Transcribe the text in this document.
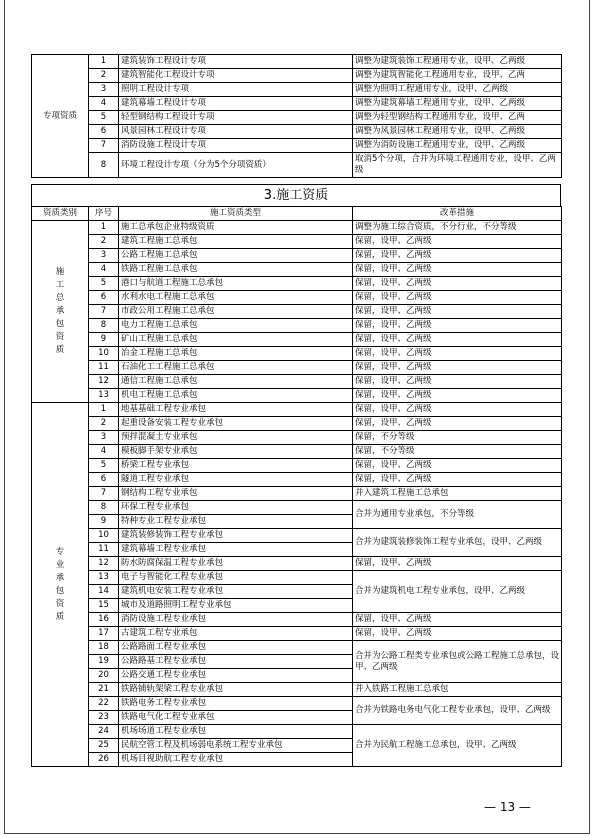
专项资质	1	建筑装饰工程设计专项	调整为建筑装饰工程通用专业，设甲、乙两级
	2	建筑智能化工程设计专项	调整为建筑智能化工程通用专业，设甲、乙两
	3	照明工程设计专项	调整为照明工程通用专业，设甲、乙两级
	4	建筑幕墙工程设计专项	调整为建筑幕墙工程通用专业，设甲、乙两级
	5	轻型钢结构工程设计专项	调整为轻型钢结构工程通用专业，设甲、乙两
	6	风景园林工程设计专项	调整为风景园林工程通用专业，设甲、乙两级
	7	消防设施工程设计专项	调整为消防设施工程通用专业，设甲、乙两级
	8	环境工程设计专项（分为5个分项资质）	取消5个分项，合并为环境工程通用专业，设甲、乙两级
3.施工资质
资质类别	序号	施工资质类型	改革措施
施工总承包资质	1	施工总承包企业特级资质	调整为施工综合资质，不分行业，不分等级
	2	建筑工程施工总承包	保留，设甲、乙两级
	3	公路工程施工总承包	保留，设甲、乙两级
	4	铁路工程施工总承包	保留，设甲、乙两级
	5	港口与航道工程施工总承包	保留，设甲、乙两级
	6	水利水电工程施工总承包	保留，设甲、乙两级
	7	市政公用工程施工总承包	保留，设甲、乙两级
	8	电力工程施工总承包	保留，设甲、乙两级
	9	矿山工程施工总承包	保留，设甲、乙两级
	10	冶金工程施工总承包	保留，设甲、乙两级
	11	石油化工工程施工总承包	保留，设甲、乙两级
	12	通信工程施工总承包	保留，设甲、乙两级
	13	机电工程施工总承包	保留，设甲、乙两级
专业承包资质	1	地基基础工程专业承包	保留，设甲、乙两级
	2	起重设备安装工程专业承包	保留，设甲、乙两级
	3	预拌混凝土专业承包	保留，不分等级
	4	模板脚手架专业承包	保留，不分等级
	5	桥梁工程专业承包	保留，设甲、乙两级
	6	隧道工程专业承包	保留，设甲、乙两级
	7	钢结构工程专业承包	并入建筑工程施工总承包
	8	环保工程专业承包	合并为通用专业承包，不分等级
	9	特种专业工程专业承包	
	10	建筑装修装饰工程专业承包	合并为建筑装修装饰工程专业承包，设甲、乙两级
	11	建筑幕墙工程专业承包	
	12	防水防腐保温工程专业承包	保留，设甲、乙两级
	13	电子与智能化工程专业承包	合并为建筑机电工程专业承包，设甲、乙两级
	14	建筑机电安装工程专业承包	
	15	城市及道路照明工程专业承包	
	16	消防设施工程专业承包	保留，设甲、乙两级
	17	古建筑工程专业承包	保留，设甲、乙两级
	18	公路路面工程专业承包	合并为公路工程类专业承包或公路工程施工总承包，设甲、乙两级
	19	公路路基工程专业承包	
	20	公路交通工程专业承包	
	21	铁路铺轨架梁工程专业承包	并入铁路工程施工总承包
	22	铁路电务工程专业承包	合并为铁路电务电气化工程专业承包，设甲、乙两级
	23	铁路电气化工程专业承包	
	24	机场场道工程专业承包	合并为民航工程施工总承包，设甲、乙两级
	25	民航空管工程及机场弱电系统工程专业承包	
	26	机场目视助航工程专业承包	
— 13 —
